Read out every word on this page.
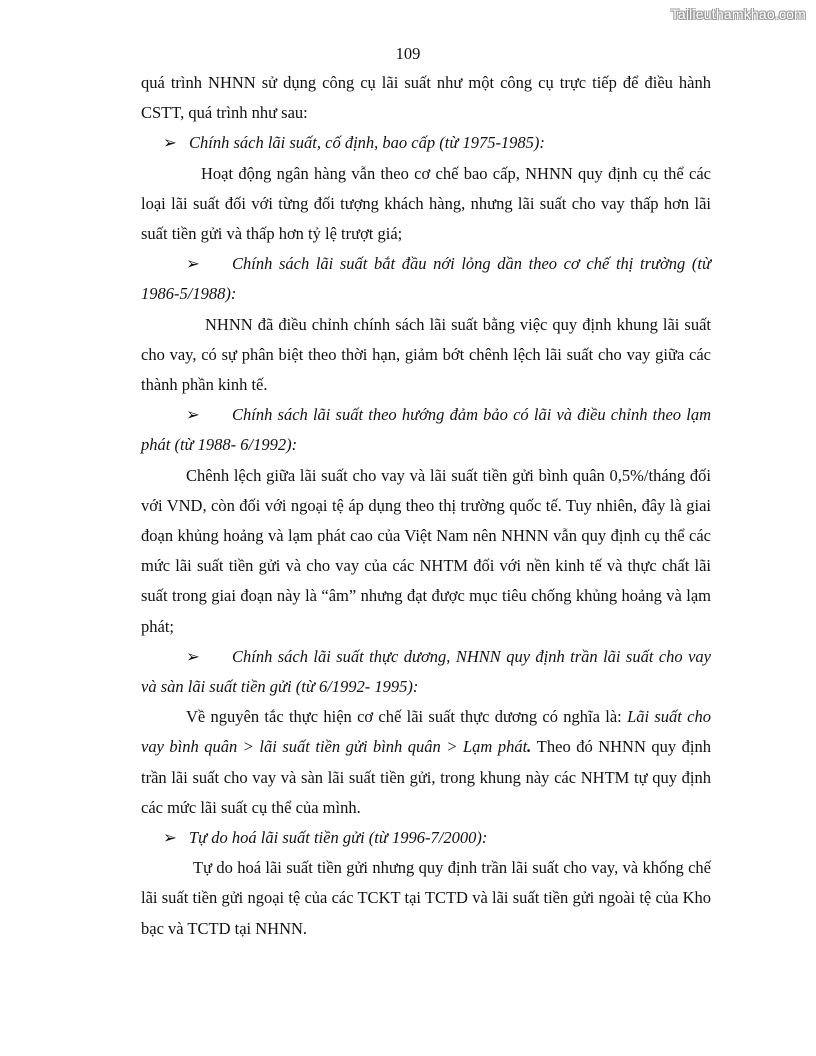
Tailieuthamkhao.com
109

quá trình NHNN sử dụng công cụ lãi suất như một công cụ trực tiếp để điều hành CSTT, quá trình như sau:

➢ Chính sách lãi suất, cố định, bao cấp (từ 1975-1985):

Hoạt động ngân hàng vẫn theo cơ chế bao cấp, NHNN quy định cụ thể các loại lãi suất đối với từng đối tượng khách hàng, nhưng lãi suất cho vay thấp hơn lãi suất tiền gửi và thấp hơn tỷ lệ trượt giá;

➢ Chính sách lãi suất bắt đầu nới lỏng dần theo cơ chế thị trường (từ 1986-5/1988):

NHNN đã điều chỉnh chính sách lãi suất bằng việc quy định khung lãi suất cho vay, có sự phân biệt theo thời hạn, giảm bớt chênh lệch lãi suất cho vay giữa các thành phần kinh tế.

➢ Chính sách lãi suất theo hướng đảm bảo có lãi và điều chỉnh theo lạm phát (từ 1988- 6/1992):

Chênh lệch giữa lãi suất cho vay và lãi suất tiền gửi bình quân 0,5%/tháng đối với VND, còn đối với ngoại tệ áp dụng theo thị trường quốc tế. Tuy nhiên, đây là giai đoạn khủng hoảng và lạm phát cao của Việt Nam nên NHNN vẫn quy định cụ thể các mức lãi suất tiền gửi và cho vay của các NHTM đối với nền kinh tế và thực chất lãi suất trong giai đoạn này là “âm” nhưng đạt được mục tiêu chống khủng hoảng và lạm phát;

➢ Chính sách lãi suất thực dương, NHNN quy định trần lãi suất cho vay và sàn lãi suất tiền gửi (từ 6/1992- 1995):

Về nguyên tắc thực hiện cơ chế lãi suất thực dương có nghĩa là: Lãi suất cho vay bình quân > lãi suất tiền gửi bình quân > Lạm phát. Theo đó NHNN quy định trần lãi suất cho vay và sàn lãi suất tiền gửi, trong khung này các NHTM tự quy định các mức lãi suất cụ thể của mình.

➢ Tự do hoá lãi suất tiền gửi (từ 1996-7/2000):

Tự do hoá lãi suất tiền gửi nhưng quy định trần lãi suất cho vay, và khống chế lãi suất tiền gửi ngoại tệ của các TCKT tại TCTD và lãi suất tiền gửi ngoài tệ của Kho bạc và TCTD tại NHNN.
